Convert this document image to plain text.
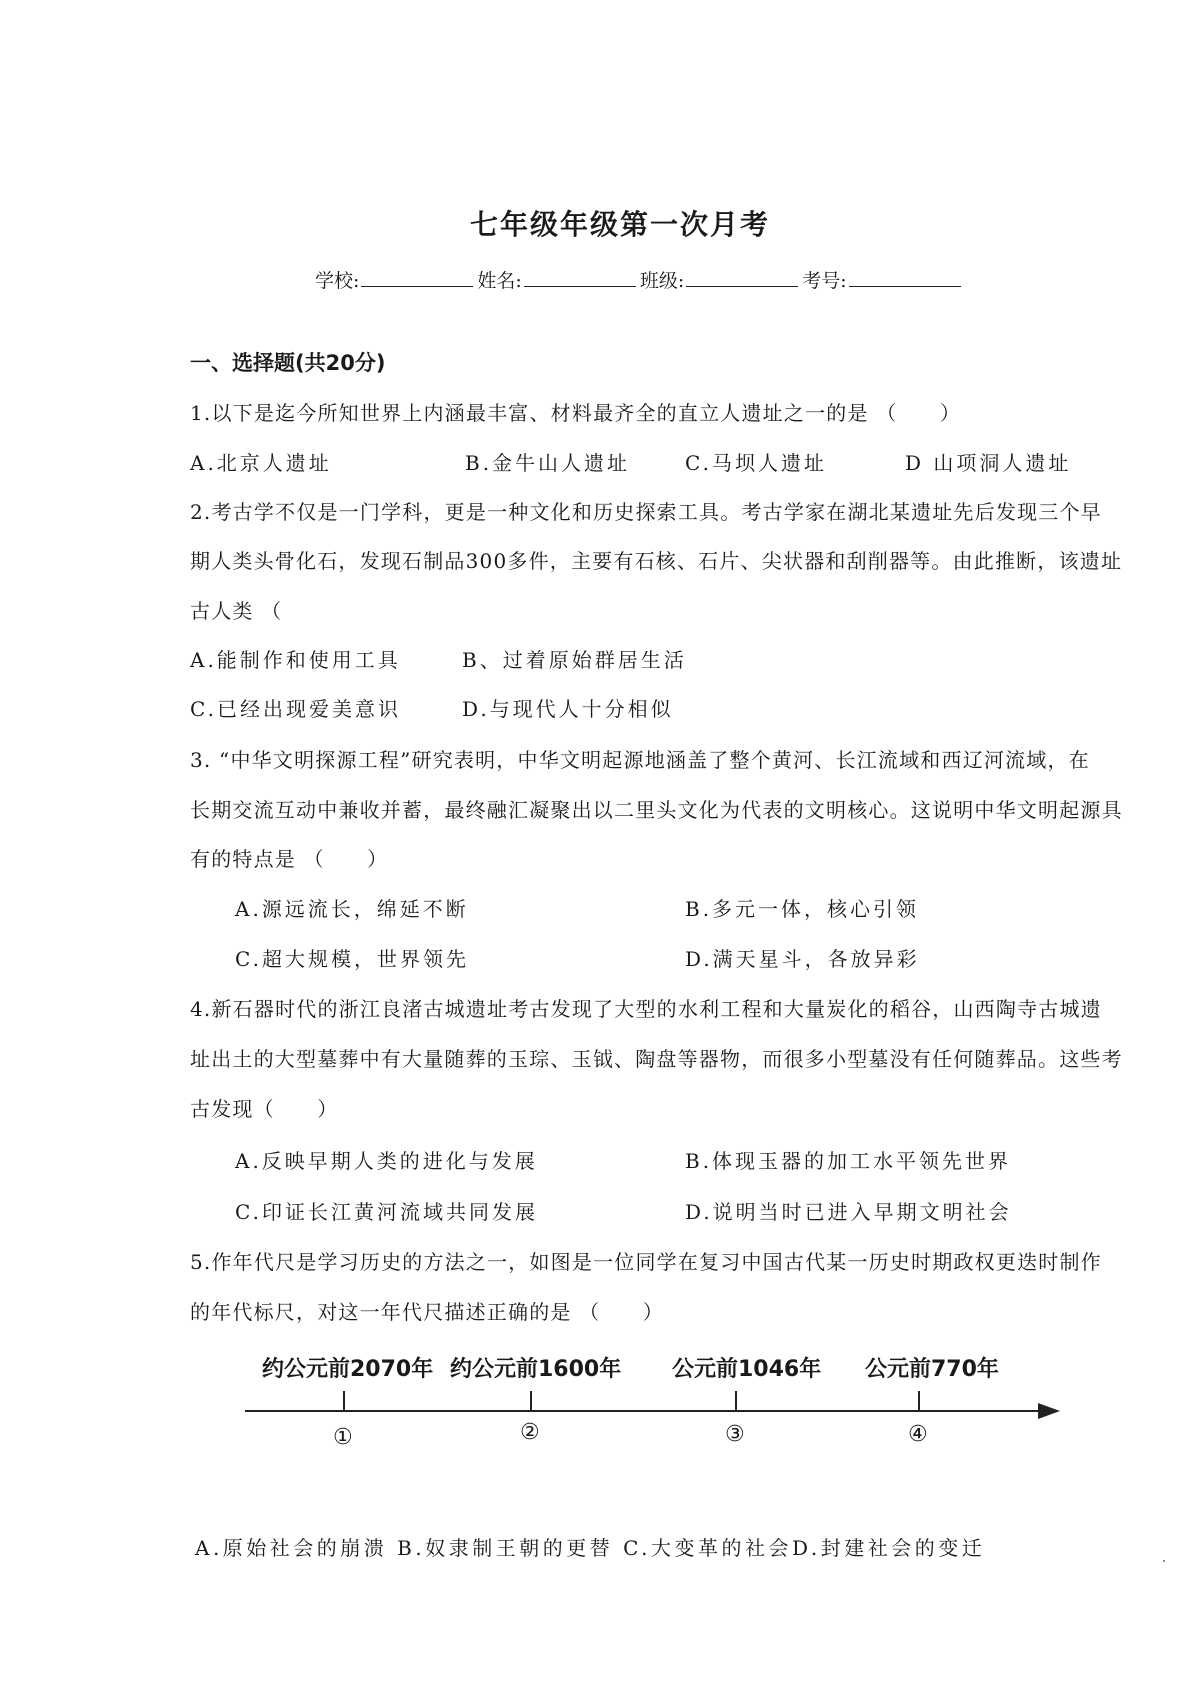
七年级年级第一次月考
学校:	姓名:	班级:	考号:
一、选择题(共20分)
1.以下是迄今所知世界上内涵最丰富、材料最齐全的直立人遗址之一的是 （　　）
A.北京人遗址	B.金牛山人遗址	C.马坝人遗址	D 山项洞人遗址
2.考古学不仅是一门学科，更是一种文化和历史探索工具。考古学家在湖北某遗址先后发现三个早
期人类头骨化石，发现石制品300多件，主要有石核、石片、尖状器和刮削器等。由此推断，该遗址
古人类 （
A.能制作和使用工具	B、过着原始群居生活
C.已经出现爱美意识	D.与现代人十分相似
3. “中华文明探源工程”研究表明，中华文明起源地涵盖了整个黄河、长江流域和西辽河流域，在
长期交流互动中兼收并蓄，最终融汇凝聚出以二里头文化为代表的文明核心。这说明中华文明起源具
有的特点是 （　　）
A.源远流长，绵延不断	B.多元一体，核心引领
C.超大规模，世界领先	D.满天星斗，各放异彩
4.新石器时代的浙江良渚古城遗址考古发现了大型的水利工程和大量炭化的稻谷，山西陶寺古城遗
址出土的大型墓葬中有大量随葬的玉琮、玉钺、陶盘等器物，而很多小型墓没有任何随葬品。这些考
古发现（　　）
A.反映早期人类的进化与发展	B.体现玉器的加工水平领先世界
C.印证长江黄河流域共同发展	D.说明当时已进入早期文明社会
5.作年代尺是学习历史的方法之一，如图是一位同学在复习中国古代某一历史时期政权更迭时制作
的年代标尺，对这一年代尺描述正确的是 （　　）
约公元前2070年 约公元前1600年 公元前1046年 公元前770年
①	②	③	④
A.原始社会的崩溃 B.奴隶制王朝的更替 C.大变革的社会D.封建社会的变迁
